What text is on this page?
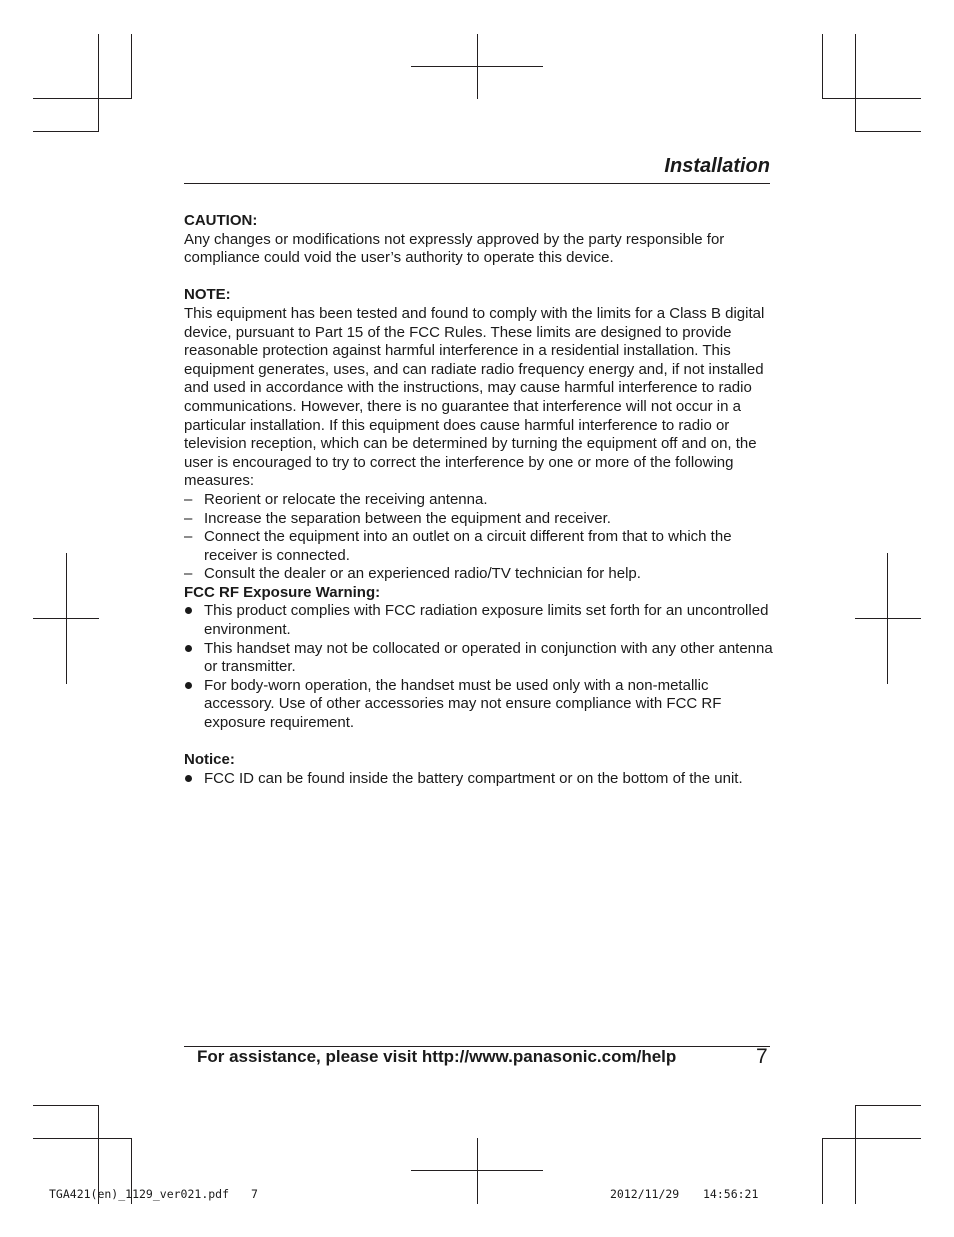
Installation

CAUTION:

Any changes or modifications not expressly approved by the party responsible for compliance could void the user’s authority to operate this device.

NOTE:

This equipment has been tested and found to comply with the limits for a Class B digital device, pursuant to Part 15 of the FCC Rules. These limits are designed to provide reasonable protection against harmful interference in a residential installation. This equipment generates, uses, and can radiate radio frequency energy and, if not installed and used in accordance with the instructions, may cause harmful interference to radio communications. However, there is no guarantee that interference will not occur in a particular installation. If this equipment does cause harmful interference to radio or television reception, which can be determined by turning the equipment off and on, the user is encouraged to try to correct the interference by one or more of the following measures:

– Reorient or relocate the receiving antenna.
– Increase the separation between the equipment and receiver.
– Connect the equipment into an outlet on a circuit different from that to which the receiver is connected.
– Consult the dealer or an experienced radio/TV technician for help.

FCC RF Exposure Warning:

This product complies with FCC radiation exposure limits set forth for an uncontrolled environment.
This handset may not be collocated or operated in conjunction with any other antenna or transmitter.
For body-worn operation, the handset must be used only with a non-metallic accessory. Use of other accessories may not ensure compliance with FCC RF exposure requirement.

Notice:

FCC ID can be found inside the battery compartment or on the bottom of the unit.
For assistance, please visit http://www.panasonic.com/help	7
TGA421(en)_1129_ver021.pdf 7	2012/11/29 14:56:21
